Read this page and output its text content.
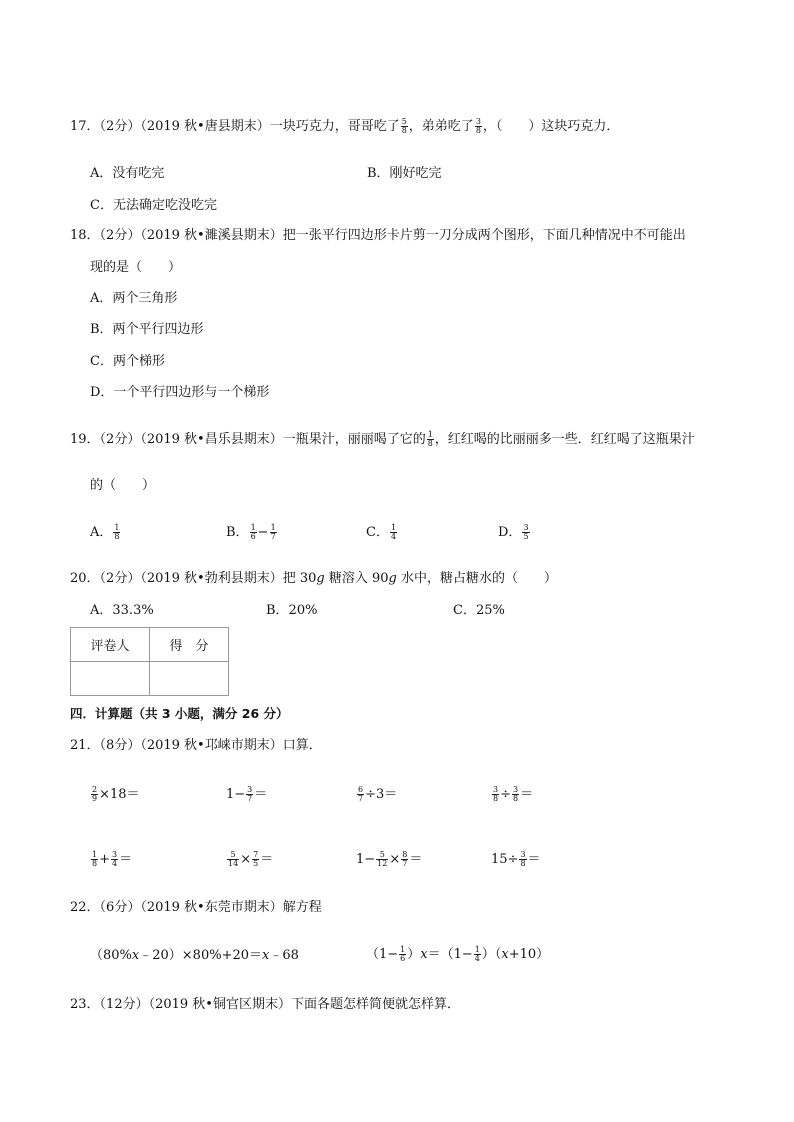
17．（2分）（2019 秋•唐县期末）一块巧克力，哥哥吃了 $\frac{5}{8}$ ，弟弟吃了 $\frac{3}{8}$ ，（　　）这块巧克力．
A．没有吃完	B．刚好吃完
C．无法确定吃没吃完
18．（2分）（2019 秋•濉溪县期末）把一张平行四边形卡片剪一刀分成两个图形，下面几种情况中不可能出
现的是（　　）
A．两个三角形
B．两个平行四边形
C．两个梯形
D．一个平行四边形与一个梯形
19．（2分）（2019 秋•昌乐县期末）一瓶果汁，丽丽喝了它的 $\frac{1}{8}$ ，红红喝的比丽丽多一些．红红喝了这瓶果汁
的（　　）
A． $\frac{1}{8}$	B． $\frac{1}{6} - \frac{1}{7}$	C． $\frac{1}{4}$	D． $\frac{3}{5}$
20．（2分）（2019 秋•勃利县期末）把 30g 糖溶入 90g 水中，糖占糖水的（　　）
A．33.3%	B．20%	C．25%
评卷人	得　分

四．计算题（共 3 小题，满分 26 分）
21．（8分）（2019 秋•邛崃市期末）口算．
$\frac{2}{9} \times 18=$	$1- \frac{3}{7}$ ＝	$\frac{6}{7} \div 3=$	$\frac{3}{8} \div \frac{3}{8}$ ＝
$\frac{1}{8} + \frac{3}{4}$ ＝	$\frac{5}{14} \times \frac{7}{5}$ ＝	$1- \frac{5}{12} \times \frac{8}{7}$ ＝	$15\div \frac{3}{8}$ ＝
22．（6分）（2019 秋•东莞市期末）解方程
（80%x﹣20）×80%+20＝x﹣68	$(1- \frac{1}{6} )x=(1- \frac{1}{4} )(x+10)$
23．（12分）（2019 秋•铜官区期末）下面各题怎样简便就怎样算．
